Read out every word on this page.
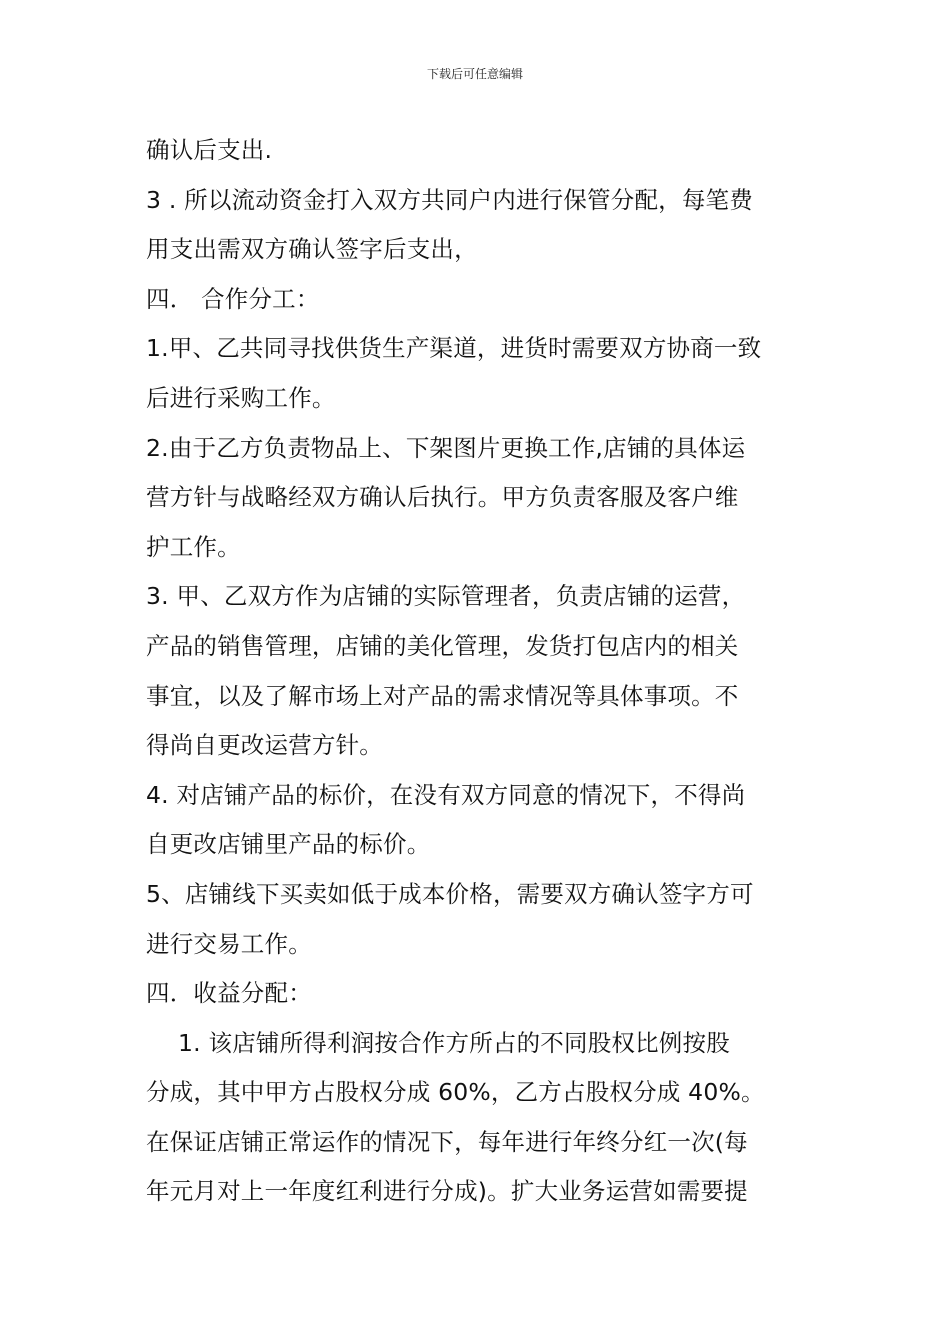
下载后可任意编辑
确认后支出.
3 . 所以流动资金打入双方共同户内进行保管分配，每笔费
用支出需双方确认签字后支出，
四． 合作分工：
1.甲、乙共同寻找供货生产渠道，进货时需要双方协商一致
后进行采购工作。
2.由于乙方负责物品上、下架图片更换工作,店铺的具体运
营方针与战略经双方确认后执行。甲方负责客服及客户维
护工作。
3. 甲、乙双方作为店铺的实际管理者，负责店铺的运营，
产品的销售管理，店铺的美化管理，发货打包店内的相关
事宜，以及了解市场上对产品的需求情况等具体事项。不
得尚自更改运营方针。
4. 对店铺产品的标价，在没有双方同意的情况下，不得尚
自更改店铺里产品的标价。
5、店铺线下买卖如低于成本价格，需要双方确认签字方可
进行交易工作。
四．收益分配：
1. 该店铺所得利润按合作方所占的不同股权比例按股
分成，其中甲方占股权分成 60%，乙方占股权分成 40%。
在保证店铺正常运作的情况下，每年进行年终分红一次(每
年元月对上一年度红利进行分成)。扩大业务运营如需要提
